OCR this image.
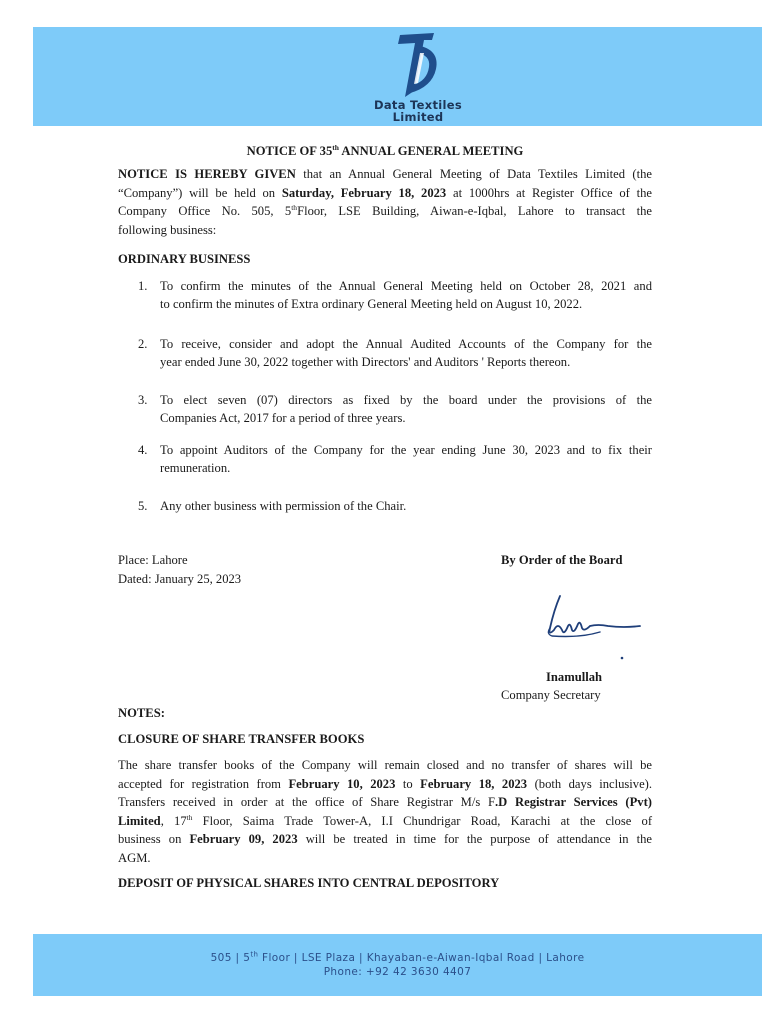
Data Textiles
Limited
NOTICE OF 35th ANNUAL GENERAL MEETING
NOTICE IS HEREBY GIVEN that an Annual General Meeting of Data Textiles Limited (the
“Company”) will be held on Saturday, February 18, 2023 at 1000hrs at Register Office of the
Company Office No. 505, 5thFloor, LSE Building, Aiwan-e-Iqbal, Lahore to transact the
following business:
ORDINARY BUSINESS
1. To confirm the minutes of the Annual General Meeting held on October 28, 2021 and
to confirm the minutes of Extra ordinary General Meeting held on August 10, 2022.
2. To receive, consider and adopt the Annual Audited Accounts of the Company for the
year ended June 30, 2022 together with Directors' and Auditors ' Reports thereon.
3. To elect seven (07) directors as fixed by the board under the provisions of the
Companies Act, 2017 for a period of three years.
4. To appoint Auditors of the Company for the year ending June 30, 2023 and to fix their
remuneration.
5. Any other business with permission of the Chair.
Place: Lahore
Dated: January 25, 2023
By Order of the Board
Inamullah
Company Secretary
NOTES:
CLOSURE OF SHARE TRANSFER BOOKS
The share transfer books of the Company will remain closed and no transfer of shares will be
accepted for registration from February 10, 2023 to February 18, 2023 (both days inclusive).
Transfers received in order at the office of Share Registrar M/s F.D Registrar Services (Pvt)
Limited, 17th Floor, Saima Trade Tower-A, I.I Chundrigar Road, Karachi at the close of
business on February 09, 2023 will be treated in time for the purpose of attendance in the
AGM.
DEPOSIT OF PHYSICAL SHARES INTO CENTRAL DEPOSITORY
505 | 5th Floor | LSE Plaza | Khayaban-e-Aiwan-Iqbal Road | Lahore
Phone: +92 42 3630 4407
